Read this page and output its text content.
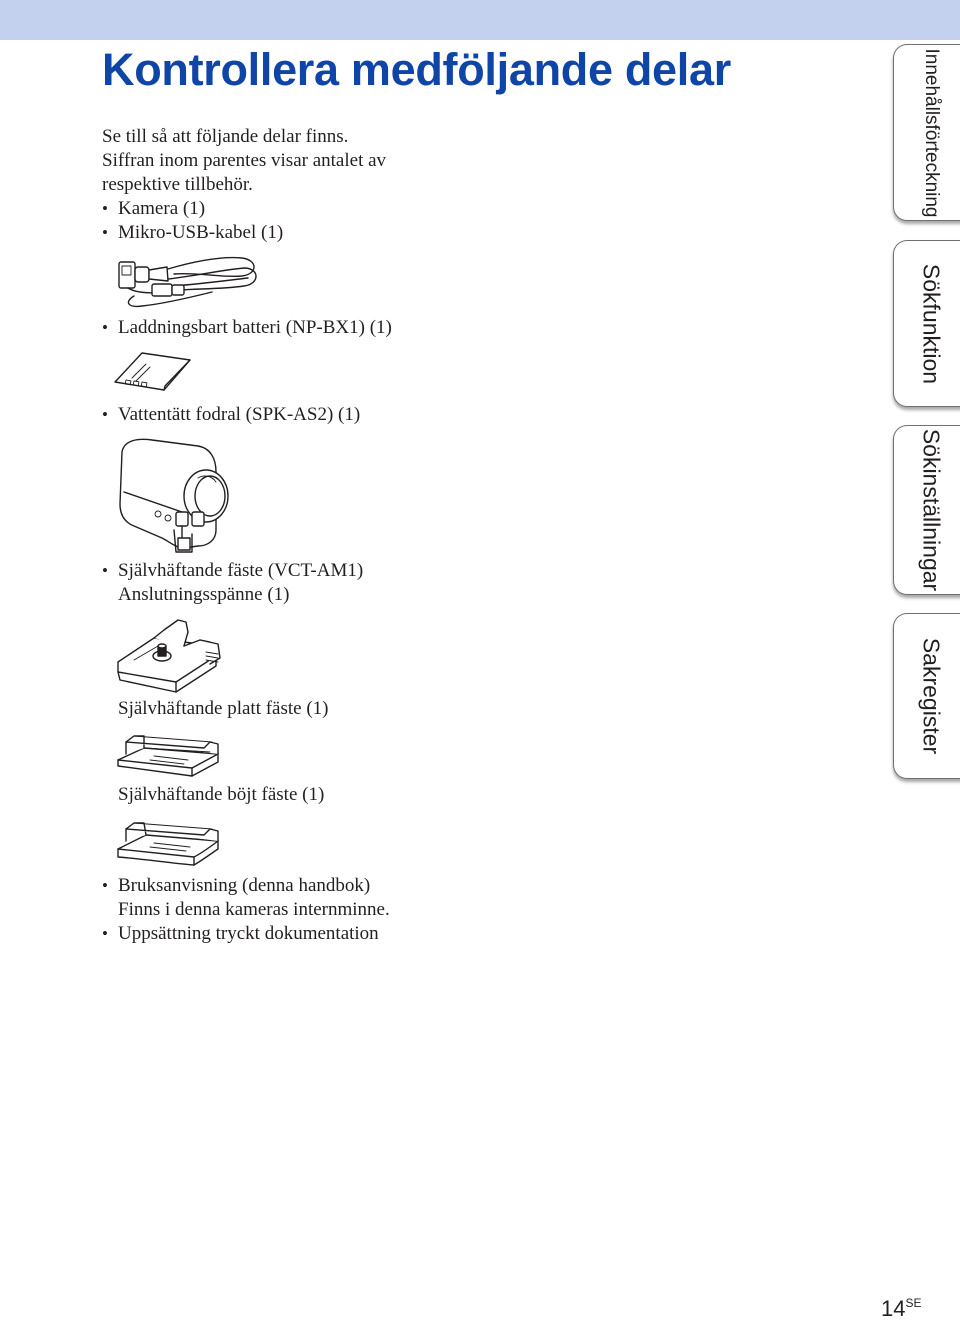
Kontrollera medföljande delar
Se till så att följande delar finns.
Siffran inom parentes visar antalet av
respektive tillbehör.
• Kamera (1)
• Mikro-USB-kabel (1)
• Laddningsbart batteri (NP-BX1) (1)
• Vattentätt fodral (SPK-AS2) (1)
• Självhäftande fäste (VCT-AM1)
Anslutningsspänne (1)
Självhäftande platt fäste (1)
Självhäftande böjt fäste (1)
• Bruksanvisning (denna handbok)
Finns i denna kameras internminne.
• Uppsättning tryckt dokumentation
Innehållsförteckning
Sökfunktion
Sökinställningar
Sakregister
$14^{SE}$
